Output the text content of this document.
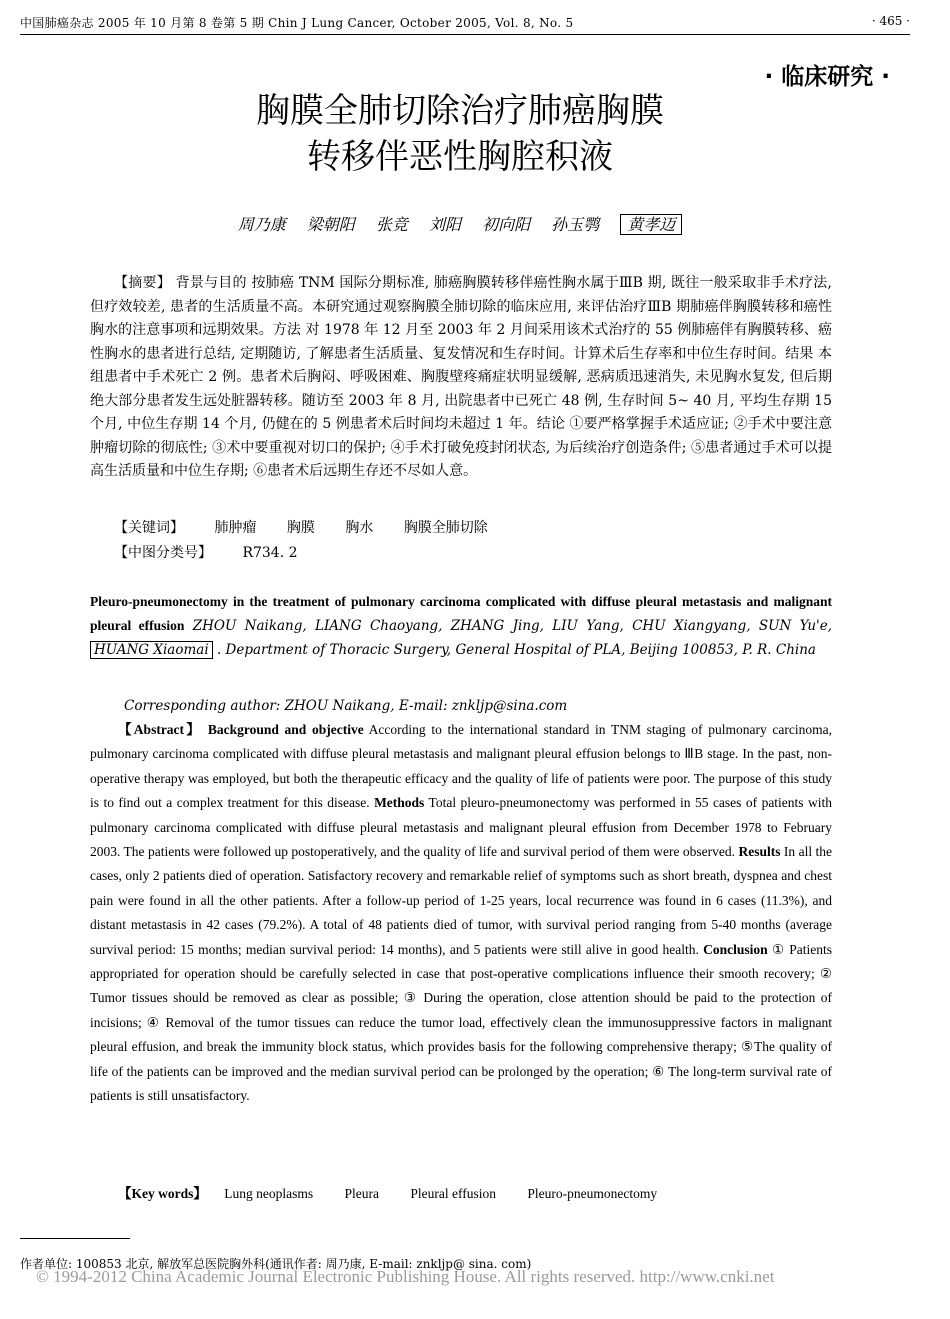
中国肺癌杂志 2005 年 10 月第 8 卷第 5 期 Chin J Lung Cancer, October 2005, Vol. 8, No. 5	· 465 ·
· 临床研究 ·
胸膜全肺切除治疗肺癌胸膜
转移伴恶性胸腔积液
周乃康 梁朝阳 张竞 刘阳 初向阳 孙玉鹗 黄孝迈
【摘要】 背景与目的 按肺癌 TNM 国际分期标准, 肺癌胸膜转移伴癌性胸水属于ⅢB 期, 既往一般采取非手术疗法, 但疗效较差, 患者的生活质量不高。本研究通过观察胸膜全肺切除的临床应用, 来评估治疗ⅢB 期肺癌伴胸膜转移和癌性胸水的注意事项和远期效果。方法 对 1978 年 12 月至 2003 年 2 月间采用该术式治疗的 55 例肺癌伴有胸膜转移、癌性胸水的患者进行总结, 定期随访, 了解患者生活质量、复发情况和生存时间。计算术后生存率和中位生存时间。结果 本组患者中手术死亡 2 例。患者术后胸闷、呼吸困难、胸腹壁疼痛症状明显缓解, 恶病质迅速消失, 未见胸水复发, 但后期绝大部分患者发生远处脏器转移。随访至 2003 年 8 月, 出院患者中已死亡 48 例, 生存时间 5~ 40 月, 平均生存期 15 个月, 中位生存期 14 个月, 仍健在的 5 例患者术后时间均未超过 1 年。结论 ①要严格掌握手术适应证; ②手术中要注意肿瘤切除的彻底性; ③术中要重视对切口的保护; ④手术打破免疫封闭状态, 为后续治疗创造条件; ⑤患者通过手术可以提高生活质量和中位生存期; ⑥患者术后远期生存还不尽如人意。
【关键词】 肺肿瘤 胸膜 胸水 胸膜全肺切除
【中图分类号】 R734. 2
Pleuro-pneumonectomy in the treatment of pulmonary carcinoma complicated with diffuse pleural metastasis and malignant pleural effusion ZHOU Naikang, LIANG Chaoyang, ZHANG Jing, LIU Yang, CHU Xiangyang, SUN Yu'e, HUANG Xiaomai . Department of Thoracic Surgery, General Hospital of PLA, Beijing 100853, P. R. China
Corresponding author: ZHOU Naikang, E-mail: znkljp@sina.com
【Abstract】 Background and objective According to the international standard in TNM staging of pulmonary carcinoma, pulmonary carcinoma complicated with diffuse pleural metastasis and malignant pleural effusion belongs to ⅢB stage. In the past, non-operative therapy was employed, but both the therapeutic efficacy and the quality of life of patients were poor. The purpose of this study is to find out a complex treatment for this disease. Methods Total pleuro-pneumonectomy was performed in 55 cases of patients with pulmonary carcinoma complicated with diffuse pleural metastasis and malignant pleural effusion from December 1978 to February 2003. The patients were followed up postoperatively, and the quality of life and survival period of them were observed. Results In all the cases, only 2 patients died of operation. Satisfactory recovery and remarkable relief of symptoms such as short breath, dyspnea and chest pain were found in all the other patients. After a follow-up period of 1-25 years, local recurrence was found in 6 cases (11.3%), and distant metastasis in 42 cases (79.2%). A total of 48 patients died of tumor, with survival period ranging from 5-40 months (average survival period: 15 months; median survival period: 14 months), and 5 patients were still alive in good health. Conclusion ① Patients appropriated for operation should be carefully selected in case that post-operative complications influence their smooth recovery; ② Tumor tissues should be removed as clear as possible; ③ During the operation, close attention should be paid to the protection of incisions; ④ Removal of the tumor tissues can reduce the tumor load, effectively clean the immunosuppressive factors in malignant pleural effusion, and break the immunity block status, which provides basis for the following comprehensive therapy; ⑤The quality of life of the patients can be improved and the median survival period can be prolonged by the operation; ⑥ The long-term survival rate of patients is still unsatisfactory.
【Key words】 Lung neoplasms Pleura Pleural effusion Pleuro-pneumonectomy
作者单位: 100853 北京, 解放军总医院胸外科(通讯作者: 周乃康, E-mail: znkljp@ sina. com)
© 1994-2012 China Academic Journal Electronic Publishing House. All rights reserved. http://www.cnki.net
